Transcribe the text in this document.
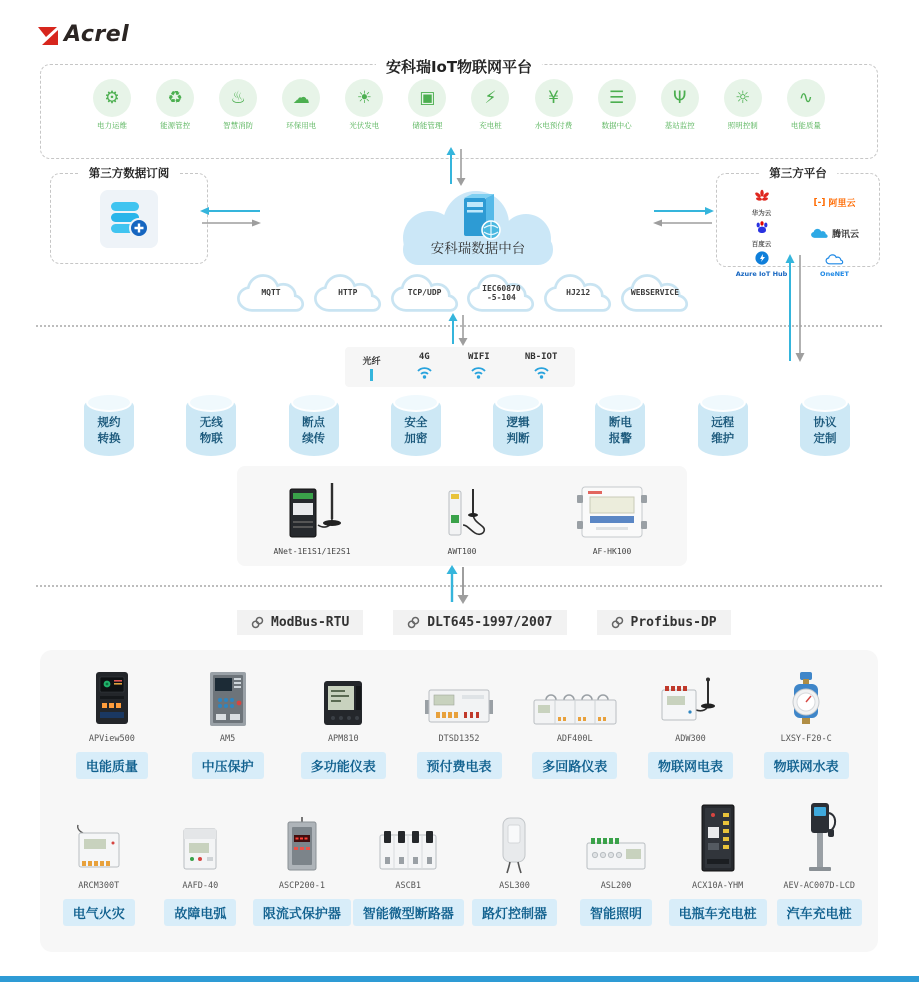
Acrel
安科瑞IoT物联网平台
⚙
电力运维
♻
能源管控
♨
智慧消防
☁
环保用电
☀
光伏发电
▣
储能管理
⚡
充电桩
¥
水电预付费
☰
数据中心
Ψ
基站监控
☼
照明控制
∿
电能质量
第三方数据订阅
安科瑞数据中台
第三方平台
华为云
[-] 阿里云
百度云
腾讯云
Azure IoT Hub	OneNET
MQTT	HTTP	TCP/UDP	IEC60870
-5-104
HJ212	WEBSERVICE
光纤	4G	WIFI	NB-IOT
规约
转换
无线
物联
断点
续传
安全
加密
逻辑
判断
断电
报警
远程
维护
协议
定制
ANet-1E1S1/1E2S1	AWT100	AF-HK100
ModBus-RTU	DLT645-1997/2007	Profibus-DP
APView500
电能质量
AM5
中压保护
APM810
多功能仪表
DTSD1352
预付费电表
ADF400L
多回路仪表
ADW300
物联网电表
LXSY-F20-C
物联网水表
ARCM300T
电气火灾
AAFD-40
故障电弧
ASCP200-1
限流式保护器
ASCB1
智能微型断路器
ASL300
路灯控制器
ASL200
智能照明
ACX10A-YHM
电瓶车充电桩
AEV-AC007D-LCD
汽车充电桩
